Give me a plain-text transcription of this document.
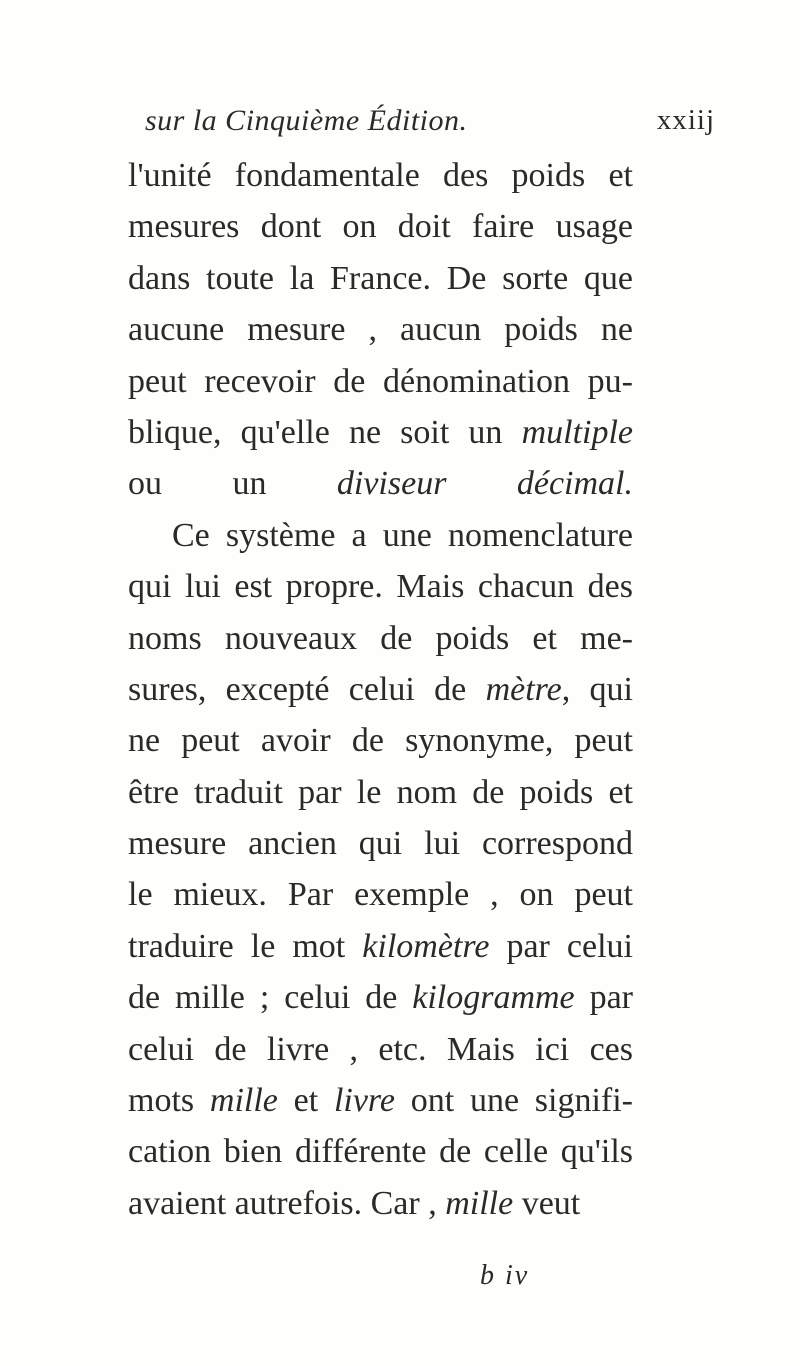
sur la Cinquième Édition.	xxiij
l'unité fondamentale des poids et
mesures dont on doit faire usage
dans toute la France. De sorte que
aucune mesure , aucun poids ne
peut recevoir de dénomination pu-
blique, qu'elle ne soit un multiple
ou un diviseur décimal.
Ce système a une nomenclature
qui lui est propre. Mais chacun des
noms nouveaux de poids et me-
sures, excepté celui de mètre, qui
ne peut avoir de synonyme, peut
être traduit par le nom de poids et
mesure ancien qui lui correspond
le mieux. Par exemple , on peut
traduire le mot kilomètre par celui
de mille ; celui de kilogramme par
celui de livre , etc. Mais ici ces
mots mille et livre ont une signifi-
cation bien différente de celle qu'ils
avaient autrefois. Car , mille veut
b iv
